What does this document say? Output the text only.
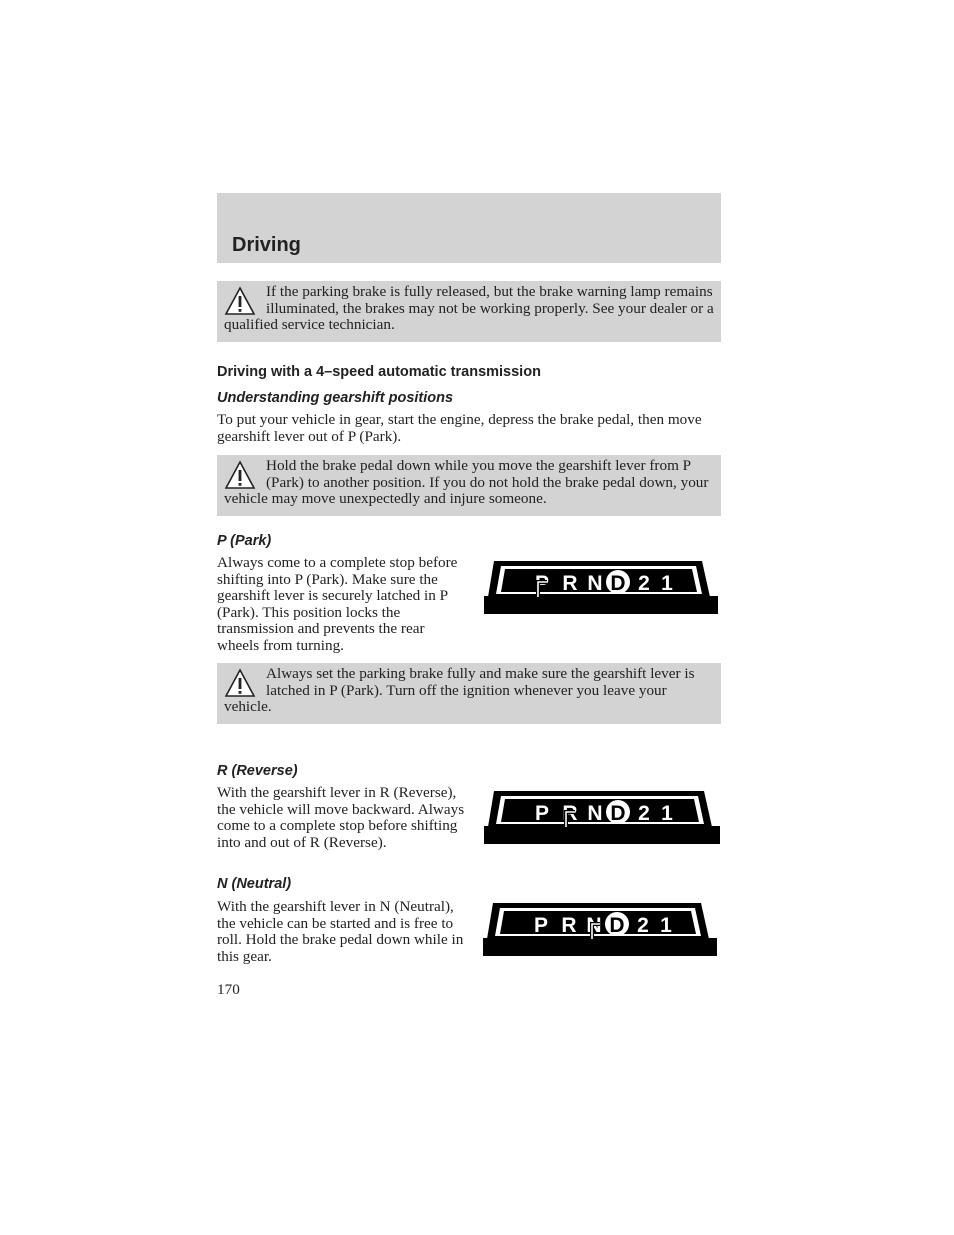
Driving
If the parking brake is fully released, but the brake warning lamp remains illuminated, the brakes may not be working properly. See your dealer or a qualified service technician.
Driving with a 4–speed automatic transmission
Understanding gearshift positions
To put your vehicle in gear, start the engine, depress the brake pedal, then move gearshift lever out of P (Park).
Hold the brake pedal down while you move the gearshift lever from P (Park) to another position. If you do not hold the brake pedal down, your vehicle may move unexpectedly and injure someone.
P (Park)
Always come to a complete stop before shifting into P (Park). Make sure the gearshift lever is securely latched in P (Park). This position locks the transmission and prevents the rear wheels from turning.
P R N D 2 1
Always set the parking brake fully and make sure the gearshift lever is latched in P (Park). Turn off the ignition whenever you leave your vehicle.
R (Reverse)
With the gearshift lever in R (Reverse), the vehicle will move backward. Always come to a complete stop before shifting into and out of R (Reverse).
P R N D 2 1
N (Neutral)
With the gearshift lever in N (Neutral), the vehicle can be started and is free to roll. Hold the brake pedal down while in this gear.
P R N D 2 1
170
